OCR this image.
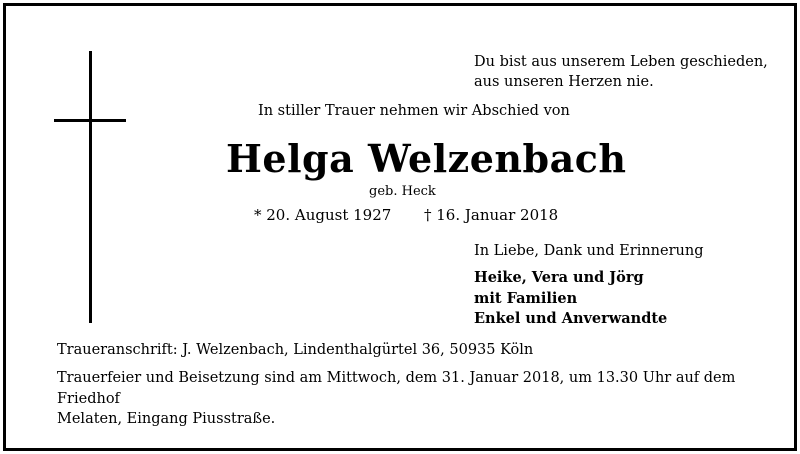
Du bist aus unserem Leben geschieden,
aus unseren Herzen nie.
In stiller Trauer nehmen wir Abschied von
Helga Welzenbach
geb. Heck
* 20. August 1927 † 16. Januar 2018
In Liebe, Dank und Erinnerung
Heike, Vera und Jörg
mit Familien
Enkel und Anverwandte
Traueranschrift: J. Welzenbach, Lindenthalgürtel 36, 50935 Köln
Trauerfeier und Beisetzung sind am Mittwoch, dem 31. Januar 2018, um 13.30 Uhr auf dem Friedhof
Melaten, Eingang Piusstraße.
